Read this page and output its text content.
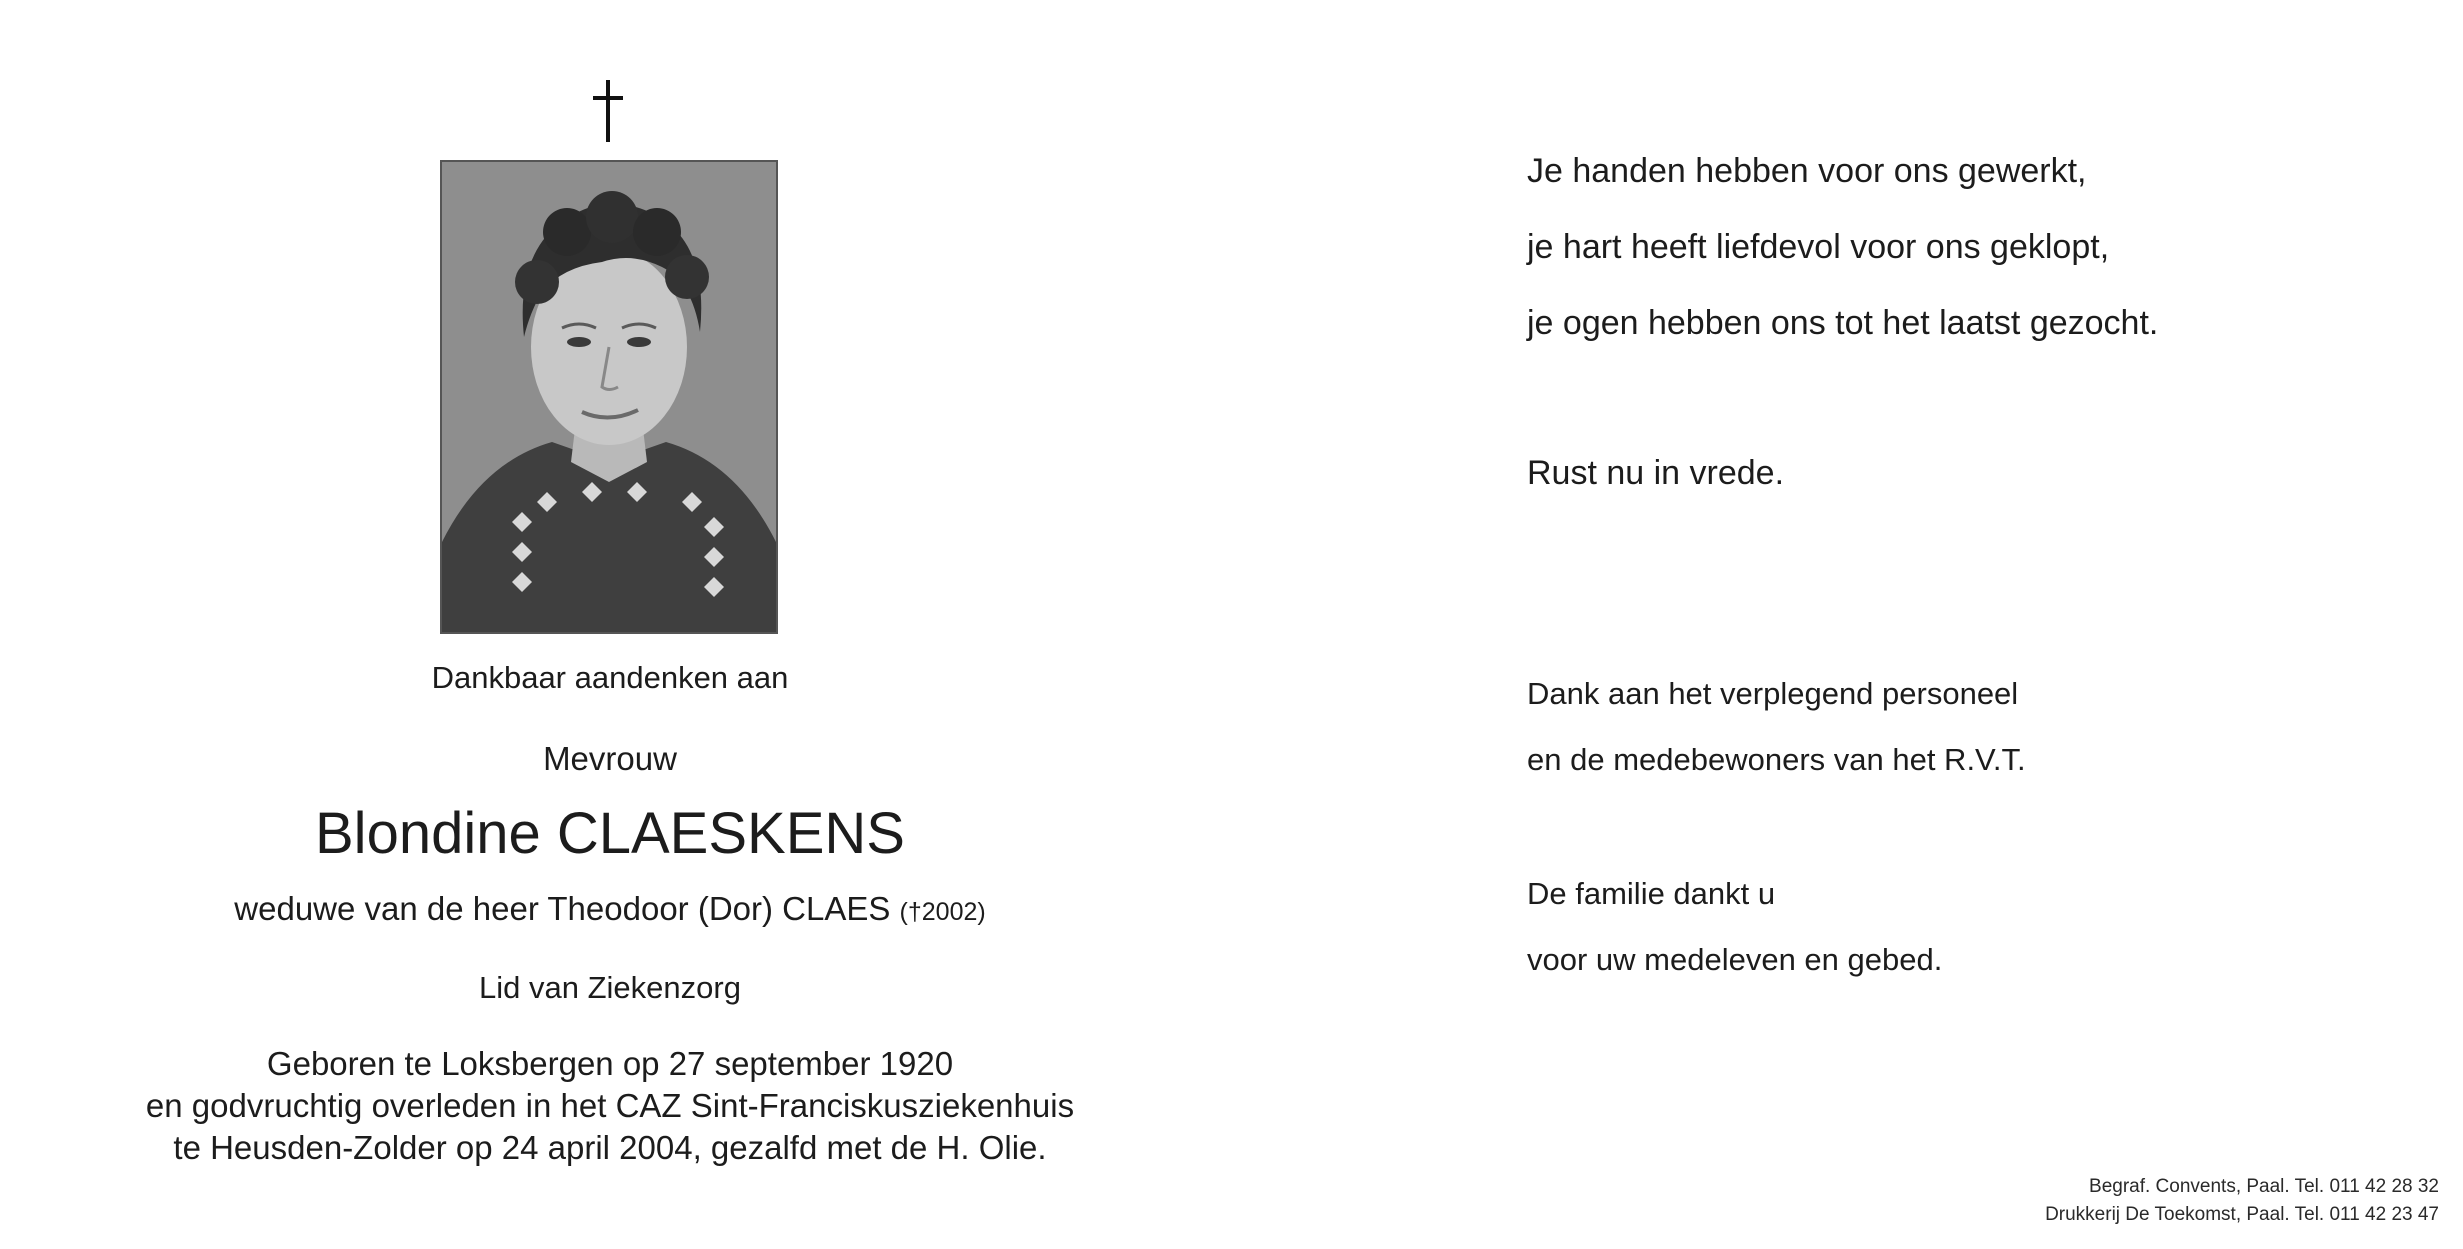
Dankbaar aandenken aan
Mevrouw
Blondine CLAESKENS
weduwe van de heer Theodoor (Dor) CLAES (†2002)
Lid van Ziekenzorg
Geboren te Loksbergen op 27 september 1920
en godvruchtig overleden in het CAZ Sint-Franciskusziekenhuis
te Heusden-Zolder op 24 april 2004, gezalfd met de H. Olie.
Je handen hebben voor ons gewerkt,
je hart heeft liefdevol voor ons geklopt,
je ogen hebben ons tot het laatst gezocht.
Rust nu in vrede.
Dank aan het verplegend personeel
en de medebewoners van het R.V.T.
De familie dankt u
voor uw medeleven en gebed.
Begraf. Convents, Paal. Tel. 011 42 28 32
Drukkerij De Toekomst, Paal. Tel. 011 42 23 47
